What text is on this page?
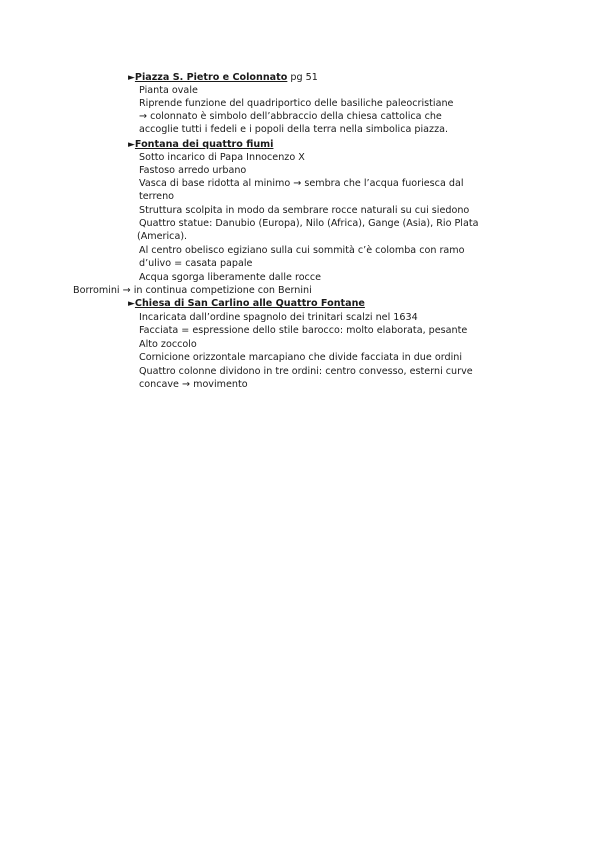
►Piazza S. Pietro e Colonnato pg 51
Pianta ovale
Riprende funzione del quadriportico delle basiliche paleocristiane
→ colonnato è simbolo dell’abbraccio della chiesa cattolica che
accoglie tutti i fedeli e i popoli della terra nella simbolica piazza.
►Fontana dei quattro fiumi
Sotto incarico di Papa Innocenzo X
Fastoso arredo urbano
Vasca di base ridotta al minimo → sembra che l’acqua fuoriesca dal
terreno
Struttura scolpita in modo da sembrare rocce naturali su cui siedono
Quattro statue: Danubio (Europa), Nilo (Africa), Gange (Asia), Rio Plata
(America).
Al centro obelisco egiziano sulla cui sommità c’è colomba con ramo
d’ulivo = casata papale
Acqua sgorga liberamente dalle rocce
Borromini → in continua competizione con Bernini
►Chiesa di San Carlino alle Quattro Fontane
Incaricata dall’ordine spagnolo dei trinitari scalzi nel 1634
Facciata = espressione dello stile barocco: molto elaborata, pesante
Alto zoccolo
Cornicione orizzontale marcapiano che divide facciata in due ordini
Quattro colonne dividono in tre ordini: centro convesso, esterni curve
concave → movimento
